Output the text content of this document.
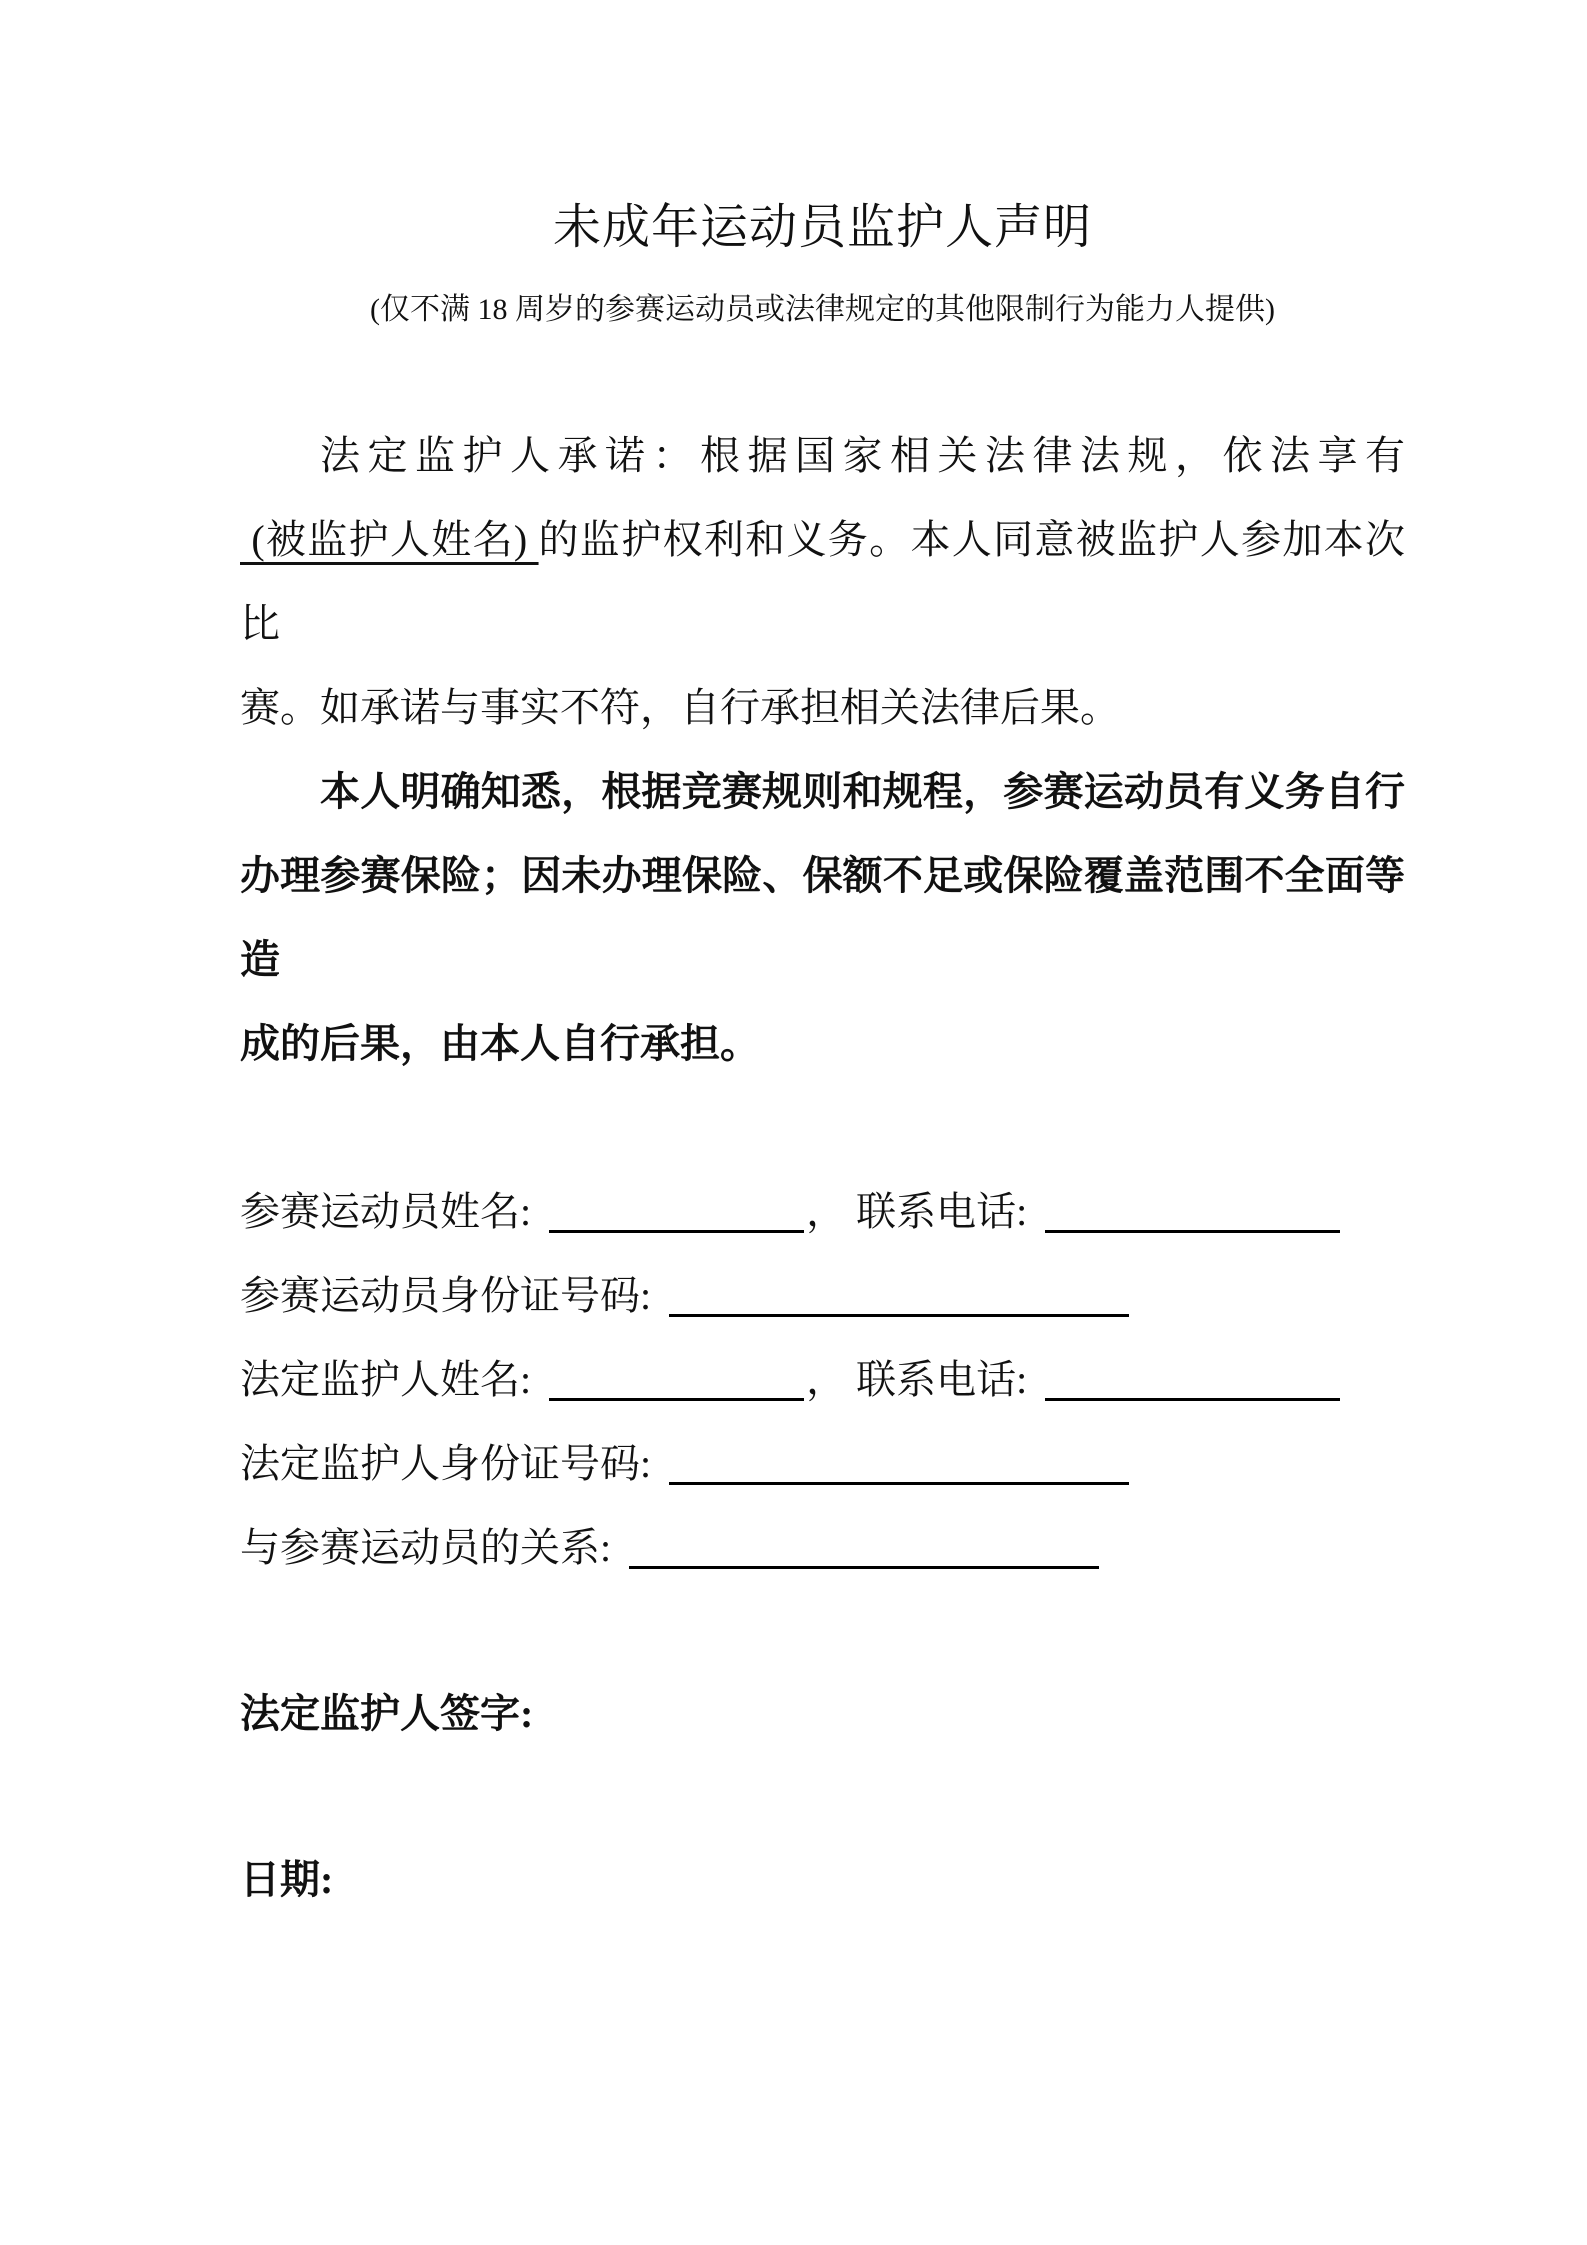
未成年运动员监护人声明
(仅不满 18 周岁的参赛运动员或法律规定的其他限制行为能力人提供)
法定监护人承诺：根据国家相关法律法规，依法享有
(被监护人姓名) 的监护权利和义务。本人同意被监护人参加本次比
赛。如承诺与事实不符，自行承担相关法律后果。
本人明确知悉，根据竞赛规则和规程，参赛运动员有义务自行
办理参赛保险；因未办理保险、保额不足或保险覆盖范围不全面等造
成的后果，由本人自行承担。
参赛运动员姓名:	， 联系电话:
参赛运动员身份证号码:
法定监护人姓名:	， 联系电话:
法定监护人身份证号码:
与参赛运动员的关系:
法定监护人签字:
日期:
